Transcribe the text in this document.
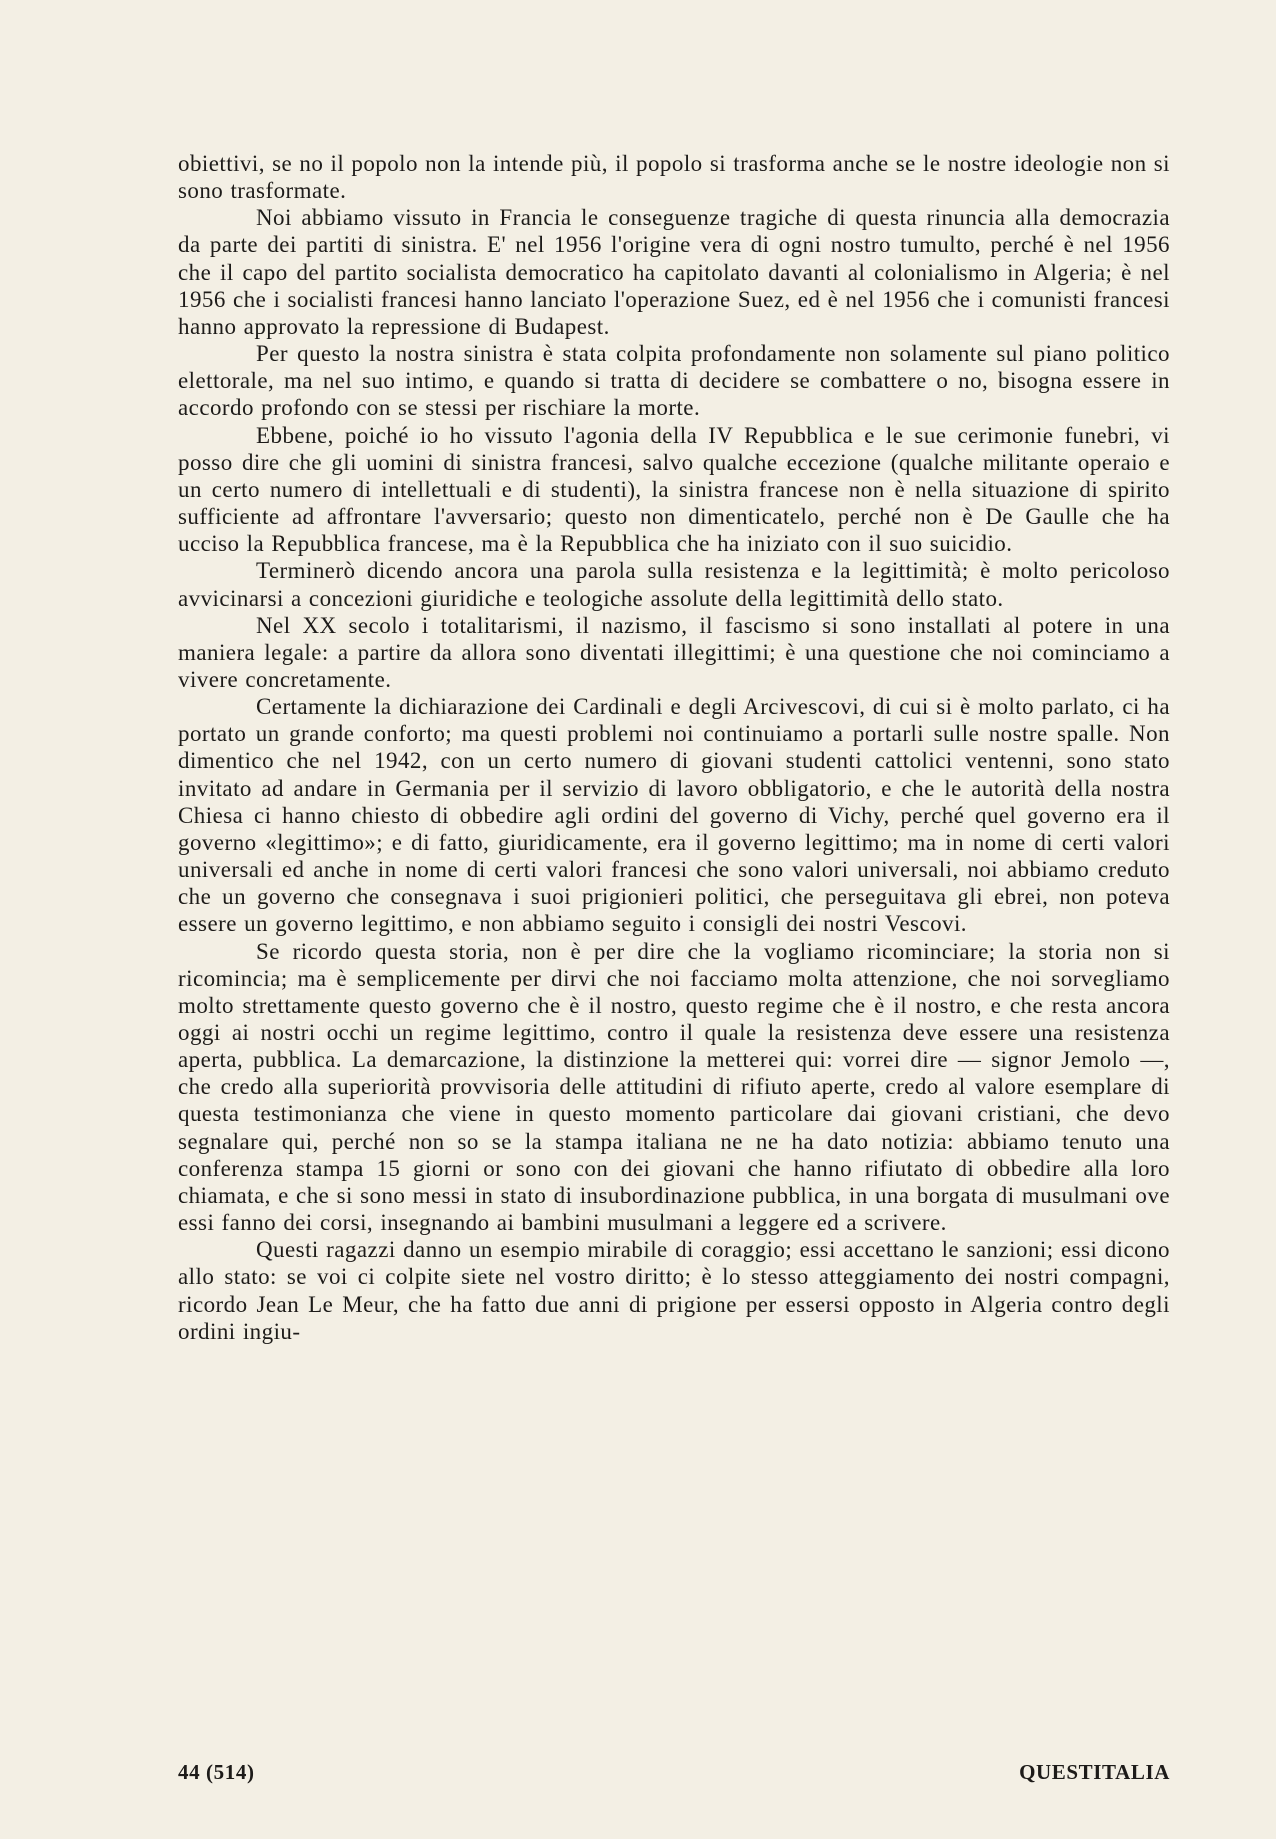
obiettivi, se no il popolo non la intende più, il popolo si trasforma anche se le nostre ideologie non si sono trasformate.

Noi abbiamo vissuto in Francia le conseguenze tragiche di questa rinuncia alla democrazia da parte dei partiti di sinistra. E' nel 1956 l'origine vera di ogni nostro tumulto, perché è nel 1956 che il capo del partito socialista democratico ha capitolato davanti al colonialismo in Algeria; è nel 1956 che i socialisti francesi hanno lanciato l'operazione Suez, ed è nel 1956 che i comunisti francesi hanno approvato la repressione di Budapest.

Per questo la nostra sinistra è stata colpita profondamente non solamente sul piano politico elettorale, ma nel suo intimo, e quando si tratta di decidere se combattere o no, bisogna essere in accordo profondo con se stessi per rischiare la morte.

Ebbene, poiché io ho vissuto l'agonia della IV Repubblica e le sue cerimonie funebri, vi posso dire che gli uomini di sinistra francesi, salvo qualche eccezione (qualche militante operaio e un certo numero di intellettuali e di studenti), la sinistra francese non è nella situazione di spirito sufficiente ad affrontare l'avversario; questo non dimenticatelo, perché non è De Gaulle che ha ucciso la Repubblica francese, ma è la Repubblica che ha iniziato con il suo suicidio.

Terminerò dicendo ancora una parola sulla resistenza e la legittimità; è molto pericoloso avvicinarsi a concezioni giuridiche e teologiche assolute della legittimità dello stato.

Nel XX secolo i totalitarismi, il nazismo, il fascismo si sono installati al potere in una maniera legale: a partire da allora sono diventati illegittimi; è una questione che noi cominciamo a vivere concretamente.

Certamente la dichiarazione dei Cardinali e degli Arcivescovi, di cui si è molto parlato, ci ha portato un grande conforto; ma questi problemi noi continuiamo a portarli sulle nostre spalle. Non dimentico che nel 1942, con un certo numero di giovani studenti cattolici ventenni, sono stato invitato ad andare in Germania per il servizio di lavoro obbligatorio, e che le autorità della nostra Chiesa ci hanno chiesto di obbedire agli ordini del governo di Vichy, perché quel governo era il governo «legittimo»; e di fatto, giuridicamente, era il governo legittimo; ma in nome di certi valori universali ed anche in nome di certi valori francesi che sono valori universali, noi abbiamo creduto che un governo che consegnava i suoi prigionieri politici, che perseguitava gli ebrei, non poteva essere un governo legittimo, e non abbiamo seguito i consigli dei nostri Vescovi.

Se ricordo questa storia, non è per dire che la vogliamo ricominciare; la storia non si ricomincia; ma è semplicemente per dirvi che noi facciamo molta attenzione, che noi sorvegliamo molto strettamente questo governo che è il nostro, questo regime che è il nostro, e che resta ancora oggi ai nostri occhi un regime legittimo, contro il quale la resistenza deve essere una resistenza aperta, pubblica. La demarcazione, la distinzione la metterei qui: vorrei dire — signor Jemolo —, che credo alla superiorità provvisoria delle attitudini di rifiuto aperte, credo al valore esemplare di questa testimonianza che viene in questo momento particolare dai giovani cristiani, che devo segnalare qui, perché non so se la stampa italiana ne ne ha dato notizia: abbiamo tenuto una conferenza stampa 15 giorni or sono con dei giovani che hanno rifiutato di obbedire alla loro chiamata, e che si sono messi in stato di insubordinazione pubblica, in una borgata di musulmani ove essi fanno dei corsi, insegnando ai bambini musulmani a leggere ed a scrivere.

Questi ragazzi danno un esempio mirabile di coraggio; essi accettano le sanzioni; essi dicono allo stato: se voi ci colpite siete nel vostro diritto; è lo stesso atteggiamento dei nostri compagni, ricordo Jean Le Meur, che ha fatto due anni di prigione per essersi opposto in Algeria contro degli ordini ingiu-

44 (514)	QUESTITALIA
